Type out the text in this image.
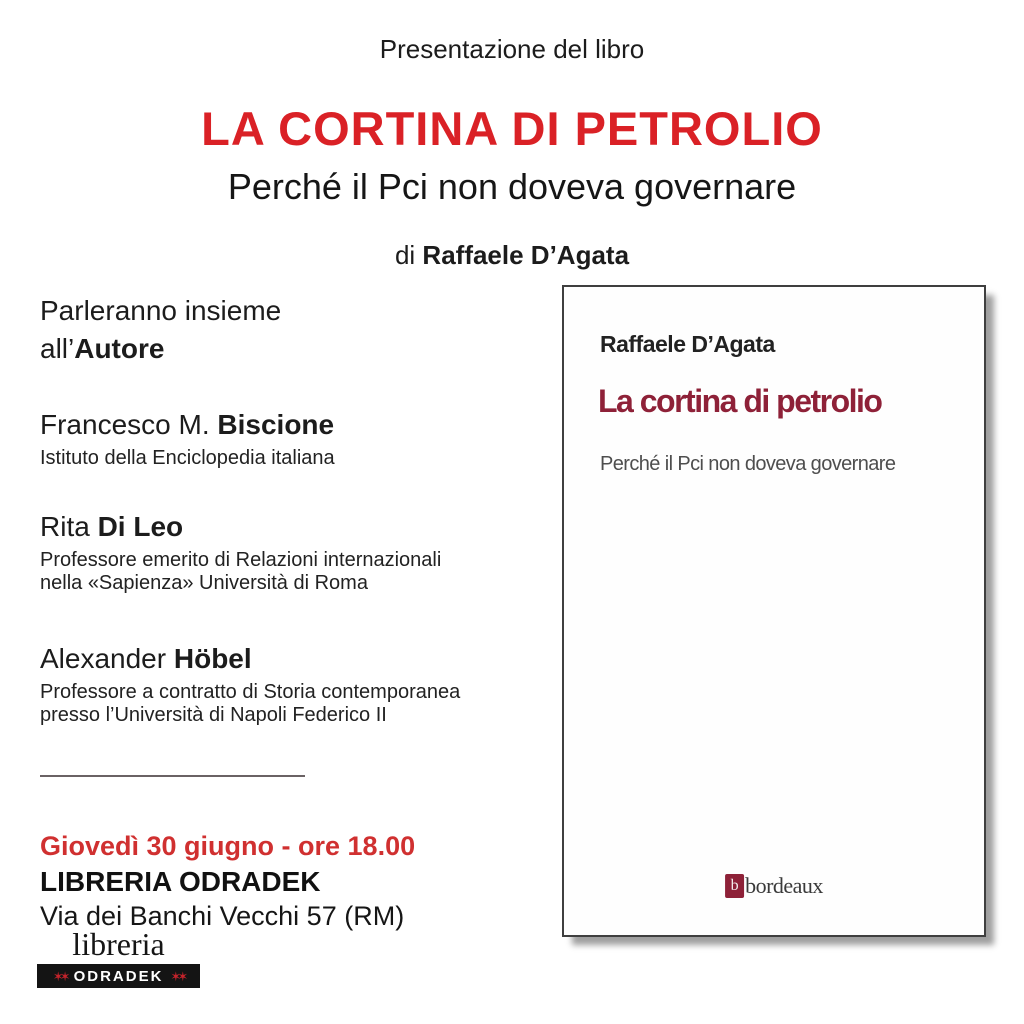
Presentazione del libro
LA CORTINA DI PETROLIO
Perché il Pci non doveva governare
di Raffaele D’Agata
Parleranno insieme
all’Autore
Francesco M. Biscione
Istituto della Enciclopedia italiana
Rita Di Leo
Professore emerito di Relazioni internazionali
nella «Sapienza» Università di Roma
Alexander Höbel
Professore a contratto di Storia contemporanea
presso l’Università di Napoli Federico II
Giovedì 30 giugno - ore 18.00
LIBRERIA ODRADEK
Via dei Banchi Vecchi 57 (RM)
libreria
✶✶ ODRADEK ✶✶
Raffaele D’Agata
La cortina di petrolio
Perché il Pci non doveva governare
b bordeaux
